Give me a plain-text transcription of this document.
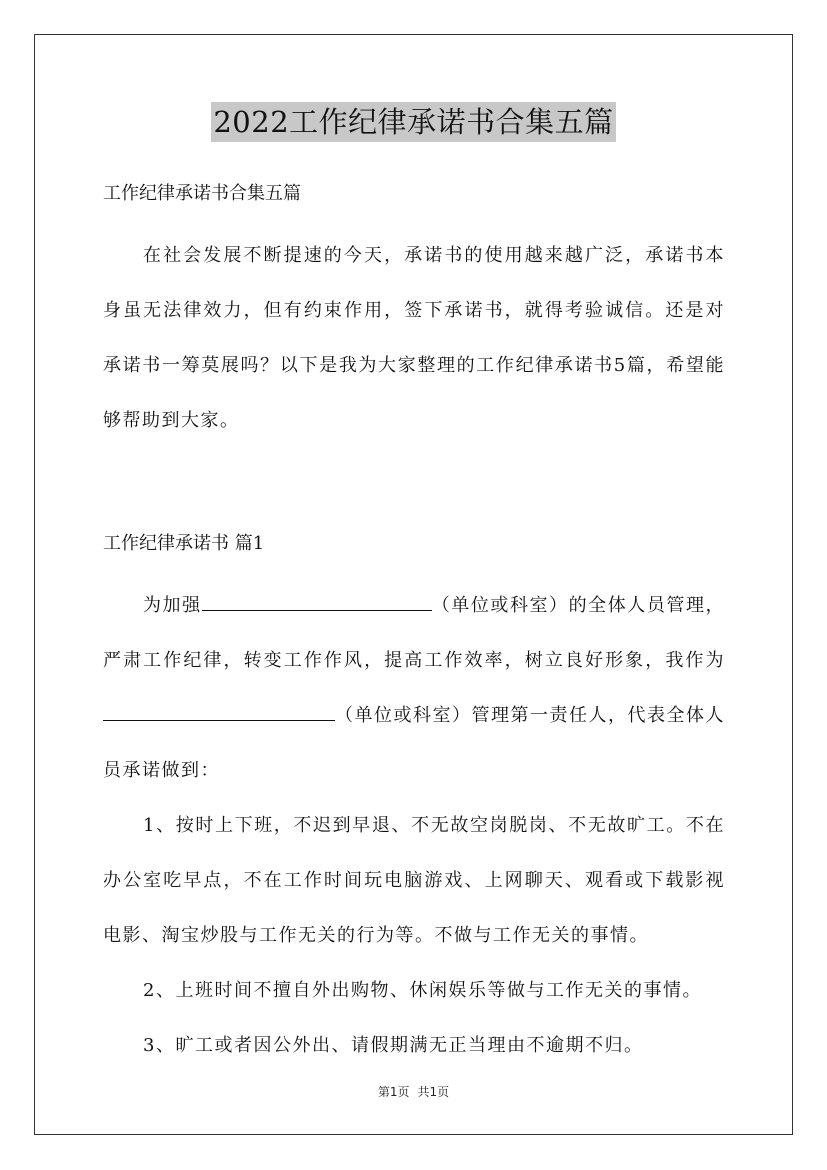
2022工作纪律承诺书合集五篇

工作纪律承诺书合集五篇

在社会发展不断提速的今天，承诺书的使用越来越广泛，承诺书本身虽无法律效力，但有约束作用，签下承诺书，就得考验诚信。还是对承诺书一筹莫展吗？以下是我为大家整理的工作纪律承诺书5篇，希望能够帮助到大家。

工作纪律承诺书 篇1

为加强	（单位或科室）的全体人员管理，严肃工作纪律，转变工作作风，提高工作效率，树立良好形象，我作为（单位或科室）管理第一责任人，代表全体人员承诺做到：

1、按时上下班，不迟到早退、不无故空岗脱岗、不无故旷工。不在办公室吃早点，不在工作时间玩电脑游戏、上网聊天、观看或下载影视电影、淘宝炒股与工作无关的行为等。不做与工作无关的事情。

2、上班时间不擅自外出购物、休闲娱乐等做与工作无关的事情。

3、旷工或者因公外出、请假期满无正当理由不逾期不归。

第1页 共1页
